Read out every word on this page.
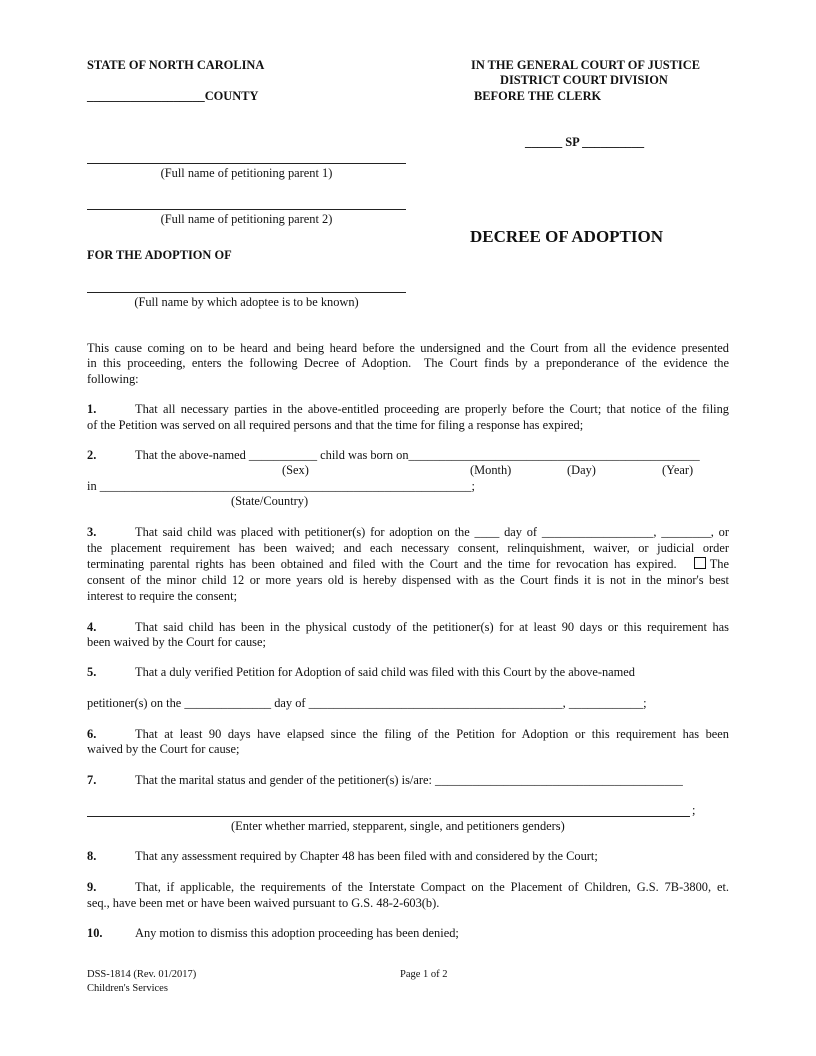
STATE OF NORTH CAROLINA
___________________COUNTY
IN THE GENERAL COURT OF JUSTICE
DISTRICT COURT DIVISION
BEFORE THE CLERK
______ SP __________
(Full name of petitioning parent 1)
(Full name of petitioning parent 2)
FOR THE ADOPTION OF
(Full name by which adoptee is to be known)
DECREE OF ADOPTION
This cause coming on to be heard and being heard before the undersigned and the Court from all the evidence presented
in this proceeding, enters the following Decree of Adoption.  The Court finds by a preponderance of the evidence the
following:
1.	That all necessary parties in the above-entitled proceeding are properly before the Court; that notice of the filing
of the Petition was served on all required persons and that the time for filing a response has expired;
2.	That the above-named ___________ child was born on_______________________________________________
(Sex)	(Month)	(Day)	(Year)
in ____________________________________________________________;
(State/Country)
3.	That said child was placed with petitioner(s) for adoption on the ____ day of __________________, ________, or
the placement requirement has been waived; and each necessary consent, relinquishment, waiver, or judicial order
terminating parental rights has been obtained and filed with the Court and the time for revocation has expired.	The
consent of the minor child 12 or more years old is hereby dispensed with as the Court finds it is not in the minor's best
interest to require the consent;
4.	That said child has been in the physical custody of the petitioner(s) for at least 90 days or this requirement has
been waived by the Court for cause;
5.	That a duly verified Petition for Adoption of said child was filed with this Court by the above-named
petitioner(s) on the ______________ day of _________________________________________, ____________;
6.	That at least 90 days have elapsed since the filing of the Petition for Adoption or this requirement has been
waived by the Court for cause;
7.	That the marital status and gender of the petitioner(s) is/are: ________________________________________
;
(Enter whether married, stepparent, single, and petitioners genders)
8.	That any assessment required by Chapter 48 has been filed with and considered by the Court;
9.	That, if applicable, the requirements of the Interstate Compact on the Placement of Children, G.S. 7B-3800, et.
seq., have been met or have been waived pursuant to G.S. 48-2-603(b).
10.	Any motion to dismiss this adoption proceeding has been denied;
DSS-1814 (Rev. 01/2017)
Children's Services
Page 1 of 2
